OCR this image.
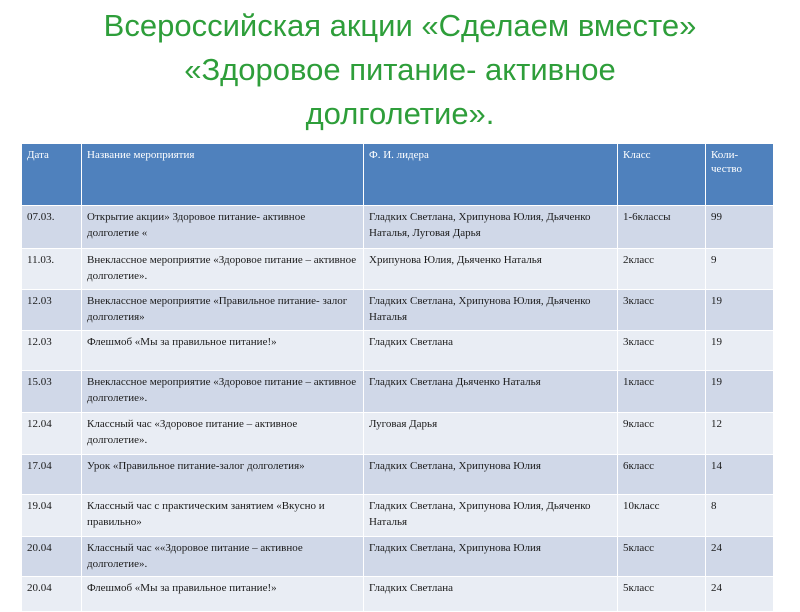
Всероссийская акции «Сделаем вместе»
«Здоровое питание- активное
долголетие».
Дата	Название мероприятия	Ф. И. лидера	Класс	Коли-чество
07.03.	Открытие акции» Здоровое питание- активное долголетие «	Гладких Светлана, Хрипунова Юлия, Дьяченко Наталья, Луговая Дарья	1-6классы	99
11.03.	Внеклассное мероприятие «Здоровое питание – активное долголетие».	Хрипунова Юлия, Дьяченко Наталья	2класс	9
12.03	Внеклассное мероприятие «Правильное питание- залог долголетия»	Гладких Светлана, Хрипунова Юлия, Дьяченко Наталья	3класс	19
12.03	Флешмоб «Мы за правильное питание!»	Гладких Светлана	3класс	19
15.03	Внеклассное мероприятие «Здоровое питание – активное долголетие».	Гладких Светлана Дьяченко Наталья	1класс	19
12.04	Классный час «Здоровое питание – активное долголетие».	Луговая Дарья	9класс	12
17.04	Урок «Правильное питание-залог долголетия»	Гладких Светлана, Хрипунова Юлия	6класс	14
19.04	Классный час с практическим занятием «Вкусно и правильно»	Гладких Светлана, Хрипунова Юлия, Дьяченко Наталья	10класс	8
20.04	Классный час ««Здоровое питание – активное долголетие».	Гладких Светлана, Хрипунова Юлия	5класс	24
20.04	Флешмоб «Мы за правильное питание!»	Гладких Светлана	5класс	24
